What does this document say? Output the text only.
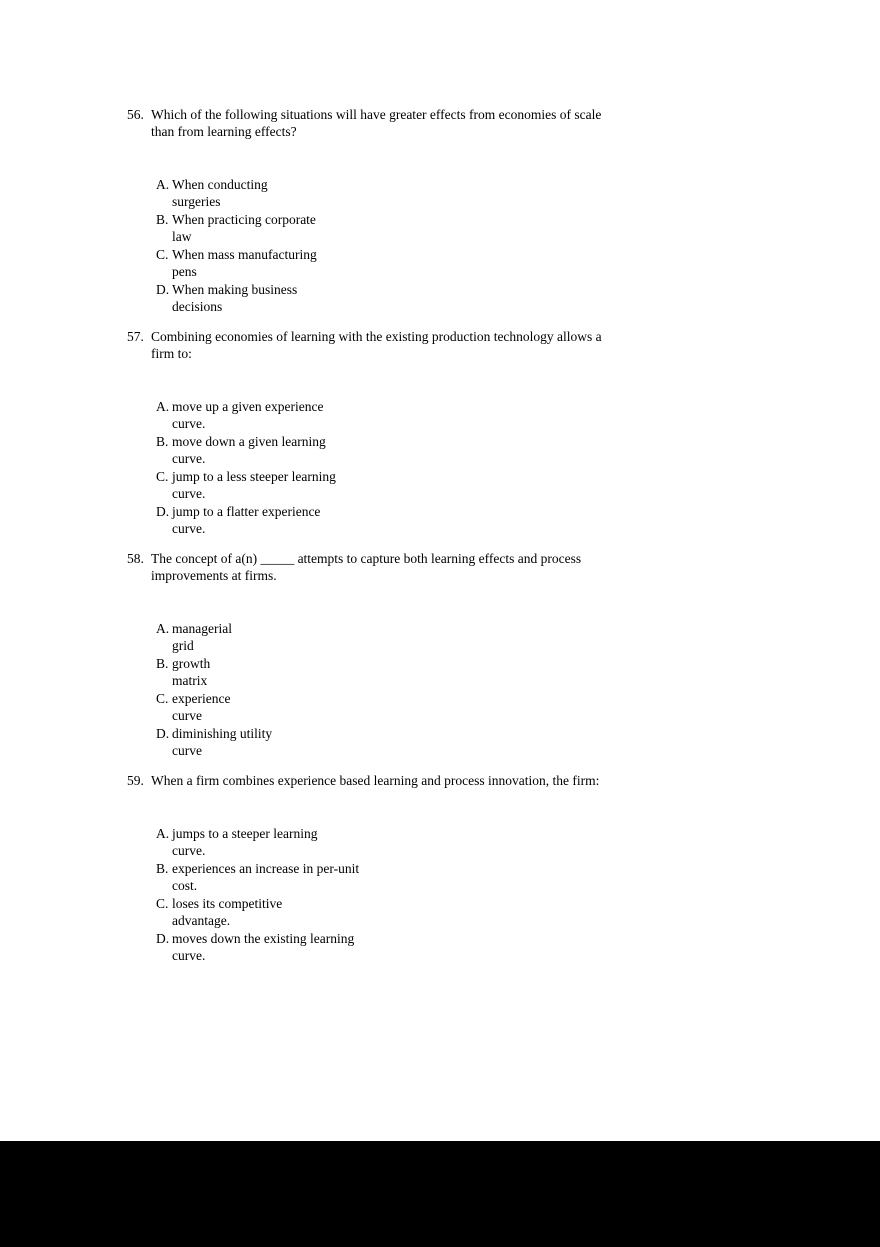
56. Which of the following situations will have greater effects from economies of scale
than from learning effects?
A. When conducting
surgeries
B. When practicing corporate
law
C. When mass manufacturing
pens
D. When making business
decisions
57. Combining economies of learning with the existing production technology allows a
firm to:
A. move up a given experience
curve.
B. move down a given learning
curve.
C. jump to a less steeper learning
curve.
D. jump to a flatter experience
curve.
58. The concept of a(n) _____ attempts to capture both learning effects and process
improvements at firms.
A. managerial
grid
B. growth
matrix
C. experience
curve
D. diminishing utility
curve
59. When a firm combines experience based learning and process innovation, the firm:
A. jumps to a steeper learning
curve.
B. experiences an increase in per-unit
cost.
C. loses its competitive
advantage.
D. moves down the existing learning
curve.
